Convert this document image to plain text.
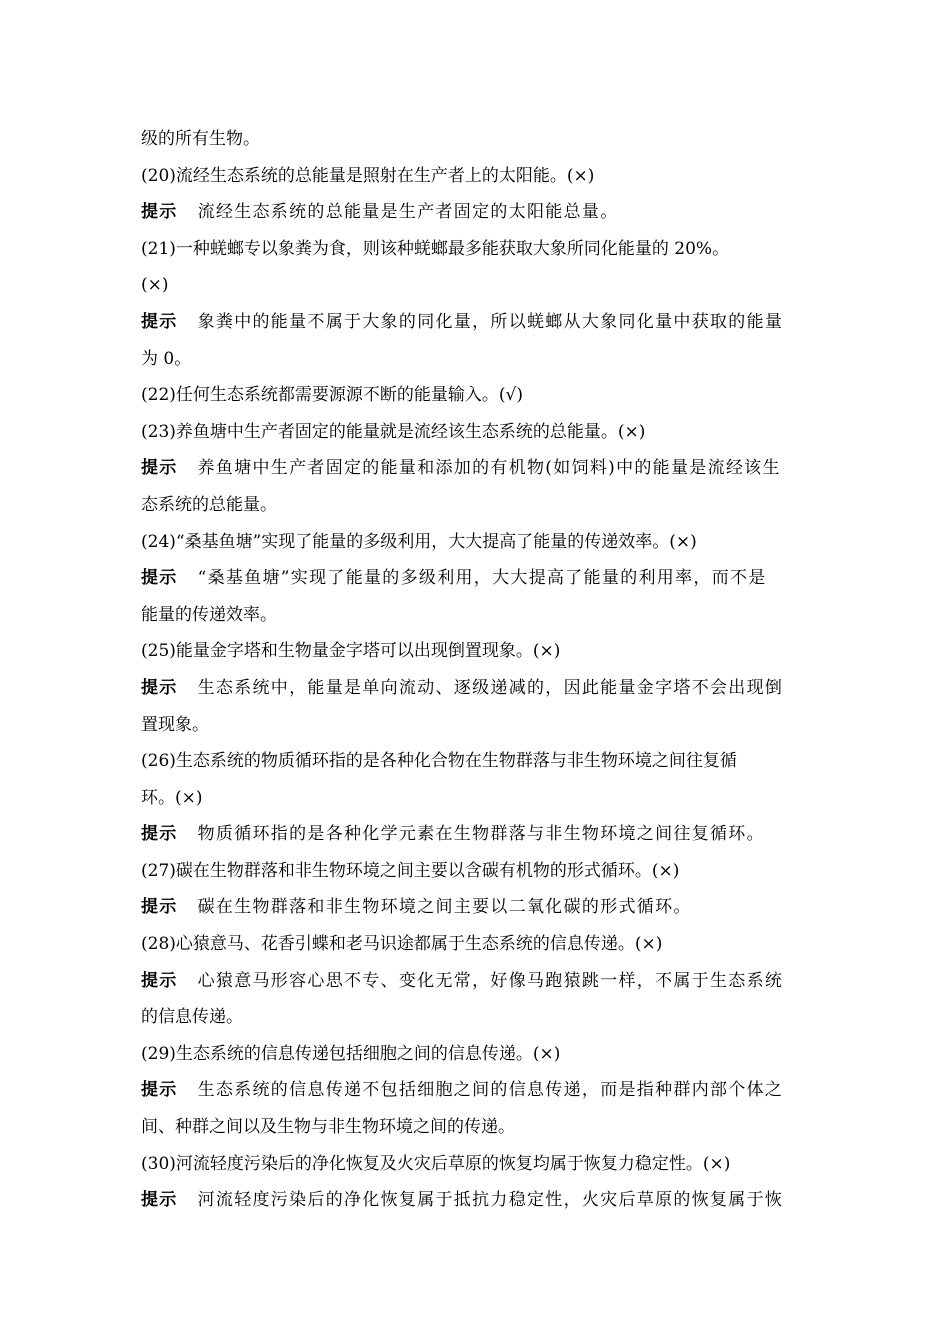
级的所有生物。
(20)流经生态系统的总能量是照射在生产者上的太阳能。(×)
提示 流经生态系统的总能量是生产者固定的太阳能总量。
(21)一种蜣螂专以象粪为食，则该种蜣螂最多能获取大象所同化能量的 20%。
(×)
提示 象粪中的能量不属于大象的同化量，所以蜣螂从大象同化量中获取的能量
为 0。
(22)任何生态系统都需要源源不断的能量输入。(√)
(23)养鱼塘中生产者固定的能量就是流经该生态系统的总能量。(×)
提示 养鱼塘中生产者固定的能量和添加的有机物(如饲料)中的能量是流经该生
态系统的总能量。
(24)“桑基鱼塘”实现了能量的多级利用，大大提高了能量的传递效率。(×)
提示 “桑基鱼塘”实现了能量的多级利用，大大提高了能量的利用率，而不是
能量的传递效率。
(25)能量金字塔和生物量金字塔可以出现倒置现象。(×)
提示 生态系统中，能量是单向流动、逐级递减的，因此能量金字塔不会出现倒
置现象。
(26)生态系统的物质循环指的是各种化合物在生物群落与非生物环境之间往复循
环。(×)
提示 物质循环指的是各种化学元素在生物群落与非生物环境之间往复循环。
(27)碳在生物群落和非生物环境之间主要以含碳有机物的形式循环。(×)
提示 碳在生物群落和非生物环境之间主要以二氧化碳的形式循环。
(28)心猿意马、花香引蝶和老马识途都属于生态系统的信息传递。(×)
提示 心猿意马形容心思不专、变化无常，好像马跑猿跳一样，不属于生态系统
的信息传递。
(29)生态系统的信息传递包括细胞之间的信息传递。(×)
提示 生态系统的信息传递不包括细胞之间的信息传递，而是指种群内部个体之
间、种群之间以及生物与非生物环境之间的传递。
(30)河流轻度污染后的净化恢复及火灾后草原的恢复均属于恢复力稳定性。(×)
提示 河流轻度污染后的净化恢复属于抵抗力稳定性，火灾后草原的恢复属于恢
